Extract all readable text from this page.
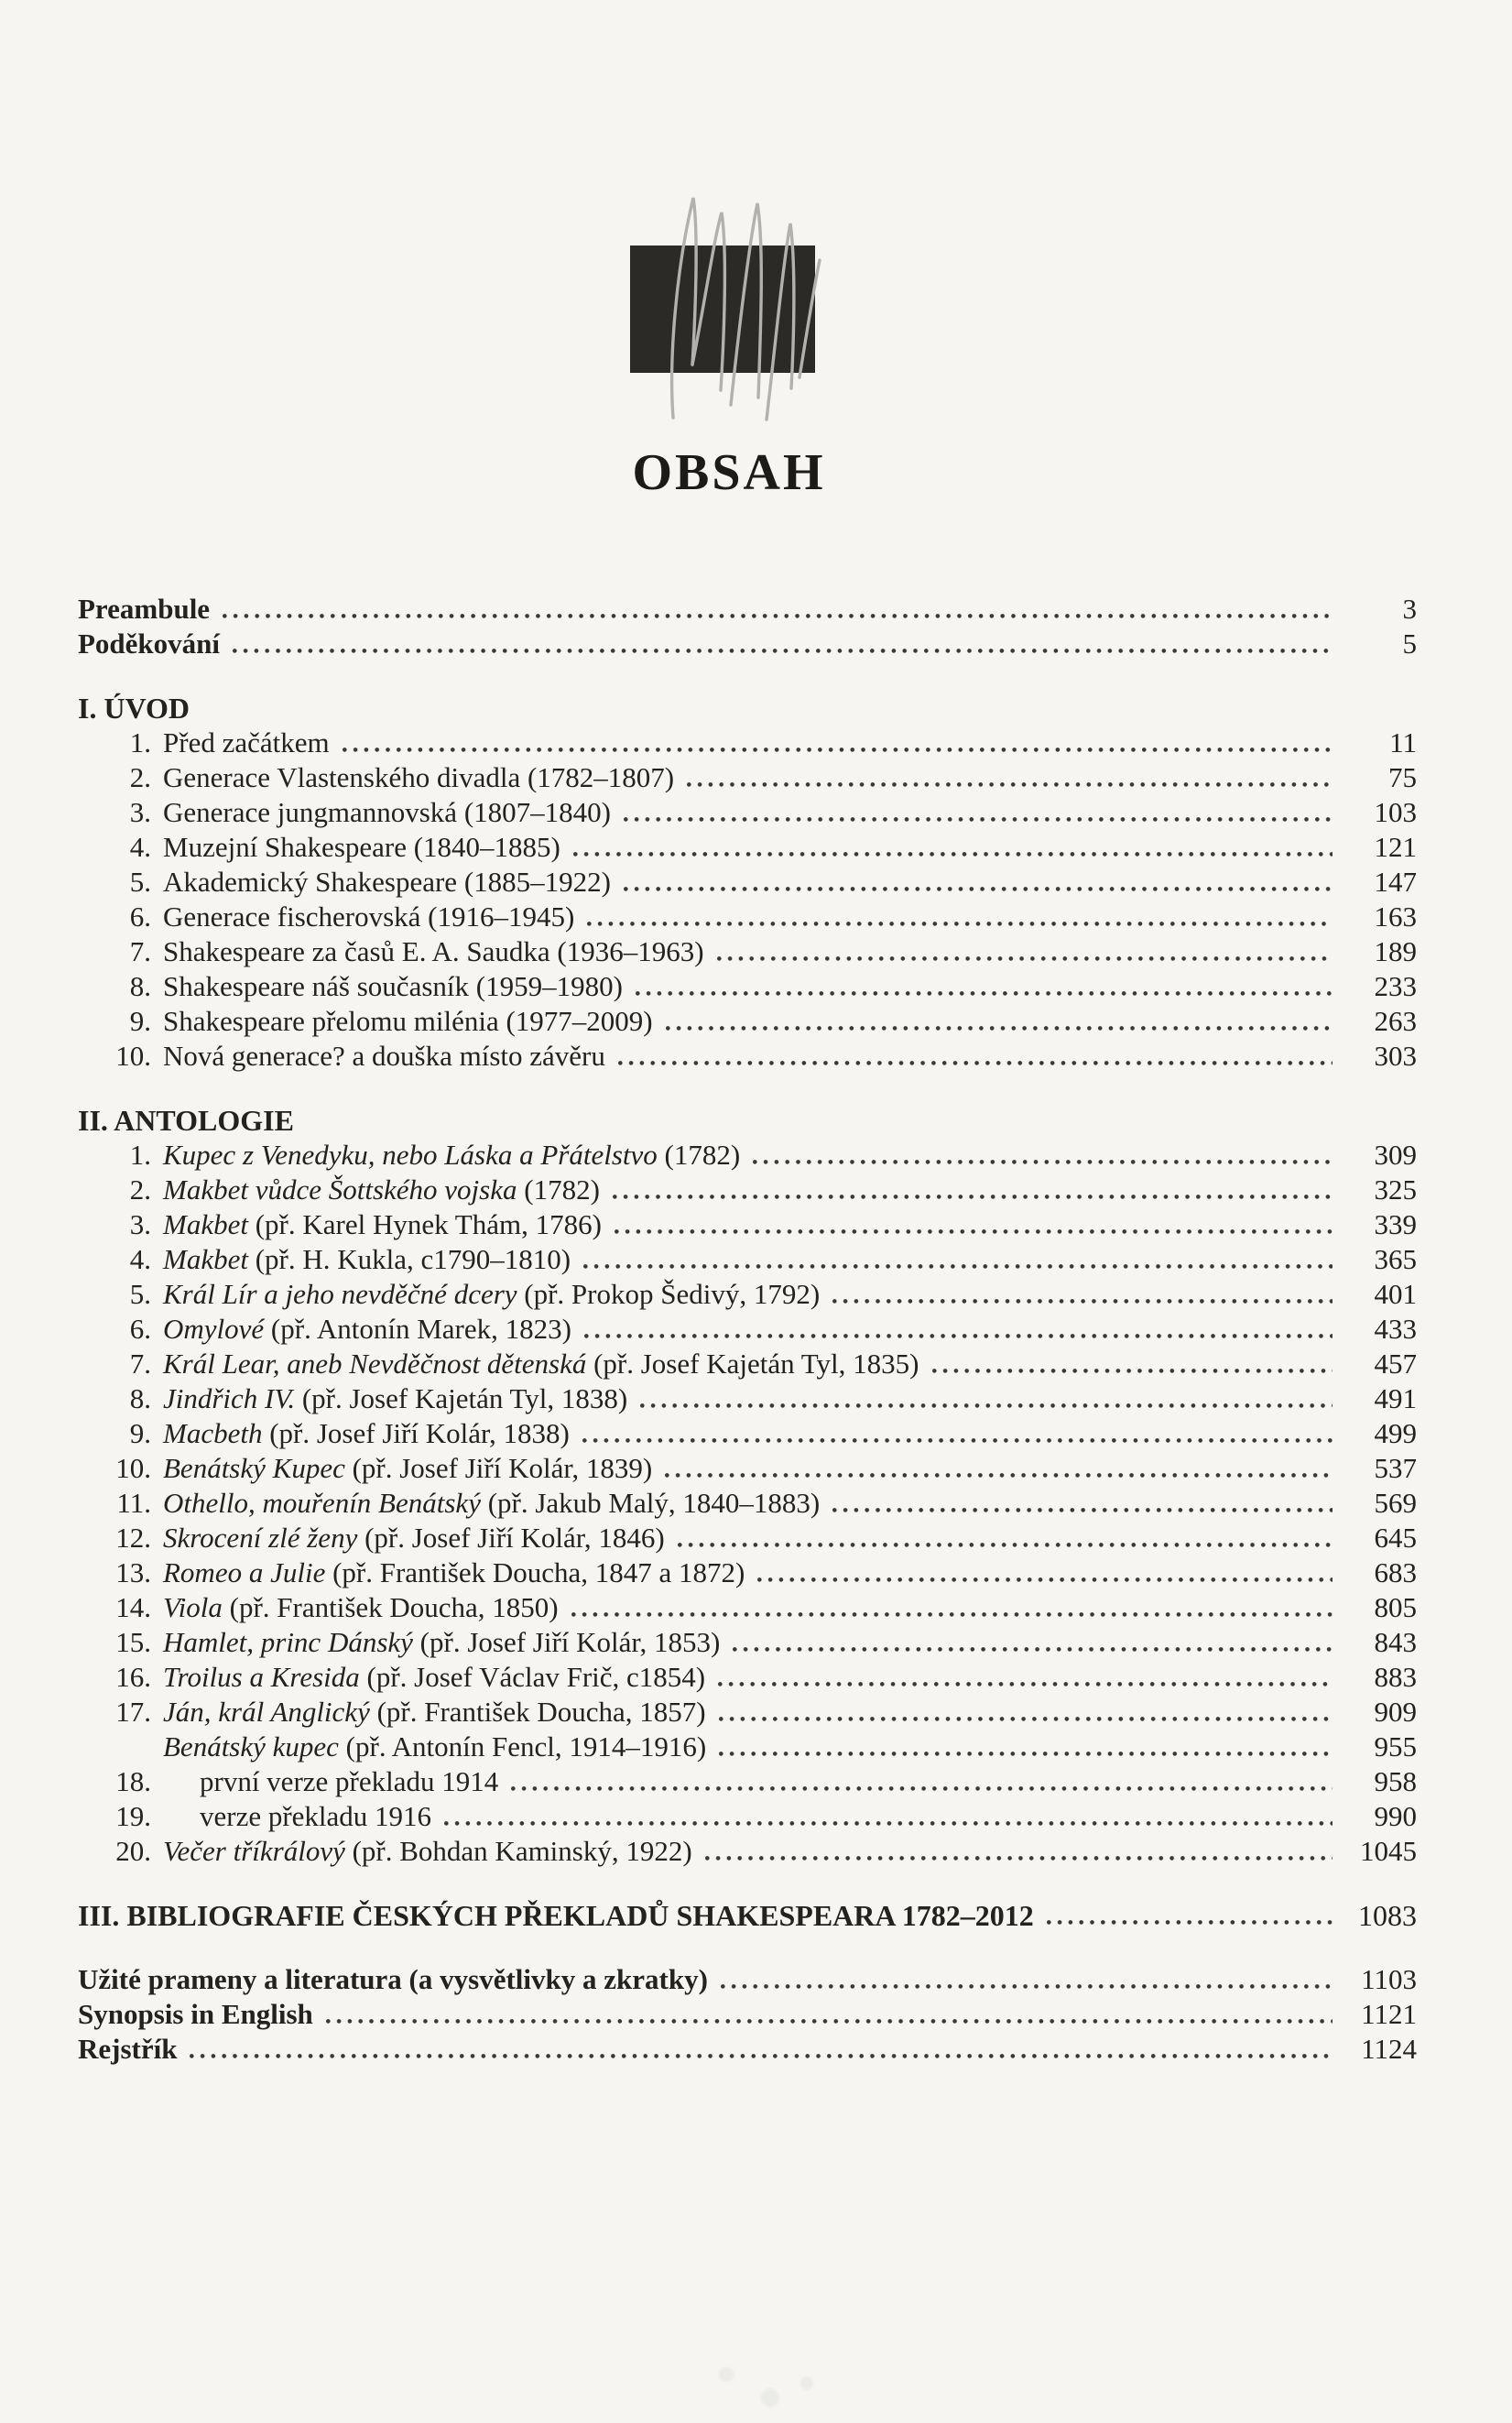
OBSAH
Preambule	3
Poděkování	5
I. ÚVOD
1. Před začátkem	11
2. Generace Vlastenského divadla (1782–1807)	75
3. Generace jungmannovská (1807–1840)	103
4. Muzejní Shakespeare (1840–1885)	121
5. Akademický Shakespeare (1885–1922)	147
6. Generace fischerovská (1916–1945)	163
7. Shakespeare za časů E. A. Saudka (1936–1963)	189
8. Shakespeare náš současník (1959–1980)	233
9. Shakespeare přelomu milénia (1977–2009)	263
10. Nová generace? a douška místo závěru	303
II. ANTOLOGIE
1. Kupec z Venedyku, nebo Láska a Přátelstvo (1782)	309
2. Makbet vůdce Šottského vojska (1782)	325
3. Makbet (př. Karel Hynek Thám, 1786)	339
4. Makbet (př. H. Kukla, c1790–1810)	365
5. Král Lír a jeho nevděčné dcery (př. Prokop Šedivý, 1792)	401
6. Omylové (př. Antonín Marek, 1823)	433
7. Král Lear, aneb Nevděčnost dětenská (př. Josef Kajetán Tyl, 1835)	457
8. Jindřich IV. (př. Josef Kajetán Tyl, 1838)	491
9. Macbeth (př. Josef Jiří Kolár, 1838)	499
10. Benátský Kupec (př. Josef Jiří Kolár, 1839)	537
11. Othello, mouřenín Benátský (př. Jakub Malý, 1840–1883)	569
12. Skrocení zlé ženy (př. Josef Jiří Kolár, 1846)	645
13. Romeo a Julie (př. František Doucha, 1847 a 1872)	683
14. Viola (př. František Doucha, 1850)	805
15. Hamlet, princ Dánský (př. Josef Jiří Kolár, 1853)	843
16. Troilus a Kresida (př. Josef Václav Frič, c1854)	883
17. Ján, král Anglický (př. František Doucha, 1857)	909
Benátský kupec (př. Antonín Fencl, 1914–1916)	955
18.	první verze překladu 1914	958
19.	verze překladu 1916	990
20. Večer tříkrálový (př. Bohdan Kaminský, 1922)	1045
III. BIBLIOGRAFIE ČESKÝCH PŘEKLADŮ SHAKESPEARA 1782–2012	1083
Užité prameny a literatura (a vysvětlivky a zkratky)	1103
Synopsis in English	1121
Rejstřík	1124
